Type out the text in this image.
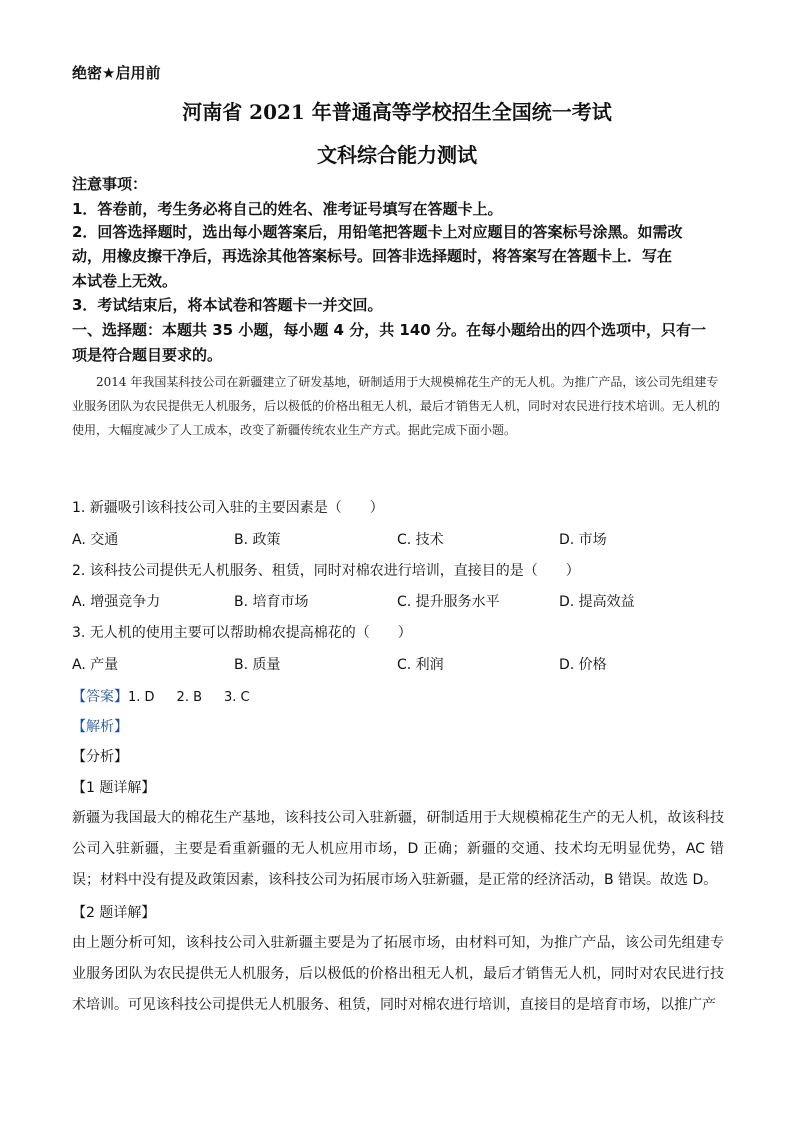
绝密★启用前
河南省 2021 年普通高等学校招生全国统一考试
文科综合能力测试
注意事项：
1．答卷前，考生务必将自己的姓名、准考证号填写在答题卡上。
2．回答选择题时，选出每小题答案后，用铅笔把答题卡上对应题目的答案标号涂黑。如需改
动，用橡皮擦干净后，再选涂其他答案标号。回答非选择题时，将答案写在答题卡上．写在
本试卷上无效。
3．考试结束后，将本试卷和答题卡一并交回。
一、选择题：本题共 35 小题，每小题 4 分，共 140 分。在每小题给出的四个选项中，只有一
项是符合题目要求的。
2014 年我国某科技公司在新疆建立了研发基地，研制适用于大规模棉花生产的无人机。为推广产品，该公司先组建专业服务团队为农民提供无人机服务，后以极低的价格出租无人机，最后才销售无人机，同时对农民进行技术培训。无人机的使用，大幅度减少了人工成本，改变了新疆传统农业生产方式。据此完成下面小题。
1. 新疆吸引该科技公司入驻的主要因素是（　　）
A. 交通	B. 政策	C. 技术	D. 市场
2. 该科技公司提供无人机服务、租赁，同时对棉农进行培训，直接目的是（　　）
A. 增强竞争力	B. 培育市场	C. 提升服务水平	D. 提高效益
3. 无人机的使用主要可以帮助棉农提高棉花的（　　）
A. 产量	B. 质量	C. 利润	D. 价格
【答案】1. D 2. B 3. C
【解析】
【分析】
【1 题详解】
新疆为我国最大的棉花生产基地，该科技公司入驻新疆，研制适用于大规模棉花生产的无人机，故该科技公司入驻新疆，主要是看重新疆的无人机应用市场，D 正确；新疆的交通、技术均无明显优势，AC 错误；材料中没有提及政策因素，该科技公司为拓展市场入驻新疆，是正常的经济活动，B 错误。故选 D。
【2 题详解】
由上题分析可知，该科技公司入驻新疆主要是为了拓展市场，由材料可知，为推广产品，该公司先组建专业服务团队为农民提供无人机服务，后以极低的价格出租无人机，最后才销售无人机，同时对农民进行技术培训。可见该科技公司提供无人机服务、租赁，同时对棉农进行培训，直接目的是培育市场，以推广产
